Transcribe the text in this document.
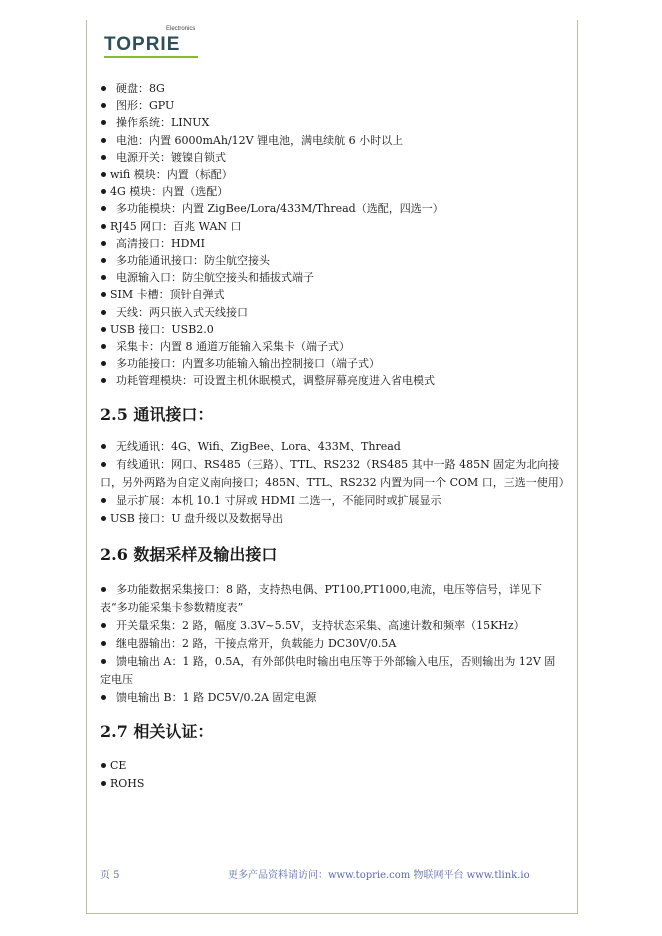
Electronics
TOPRIE
硬盘：8G
图形：GPU
操作系统：LINUX
电池：内置 6000mAh/12V 锂电池，满电续航 6 小时以上
电源开关：镀镍自锁式
wifi 模块：内置（标配）
4G 模块：内置（选配）
多功能模块：内置 ZigBee/Lora/433M/Thread（选配，四选一）
RJ45 网口：百兆 WAN 口
高清接口：HDMI
多功能通讯接口：防尘航空接头
电源输入口：防尘航空接头和插拔式端子
SIM 卡槽：顶针自弹式
天线：两只嵌入式天线接口
USB 接口：USB2.0
采集卡：内置 8 通道万能输入采集卡（端子式）
多功能接口：内置多功能输入输出控制接口（端子式）
功耗管理模块：可设置主机休眠模式，调整屏幕亮度进入省电模式
2.5 通讯接口：
无线通讯：4G、Wifi、ZigBee、Lora、433M、Thread
有线通讯：网口、RS485（三路）、TTL、RS232（RS485 其中一路 485N 固定为北向接口，另外两路为自定义南向接口；485N、TTL、RS232 内置为同一个 COM 口，三选一使用）
显示扩展：本机 10.1 寸屏或 HDMI 二选一，不能同时或扩展显示
USB 接口：U 盘升级以及数据导出
2.6 数据采样及输出接口
多功能数据采集接口：8 路，支持热电偶、PT100,PT1000,电流，电压等信号，详见下表“多功能采集卡参数精度表”
开关量采集：2 路，幅度 3.3V~5.5V，支持状态采集、高速计数和频率（15KHz）
继电器输出：2 路，干接点常开，负载能力 DC30V/0.5A
馈电输出 A：1 路，0.5A，有外部供电时输出电压等于外部输入电压，否则输出为 12V 固定电压
馈电输出 B：1 路 DC5V/0.2A 固定电源
2.7 相关认证：
CE
ROHS
页 5	更多产品资料请访问：www.toprie.com 物联网平台 www.tlink.io
